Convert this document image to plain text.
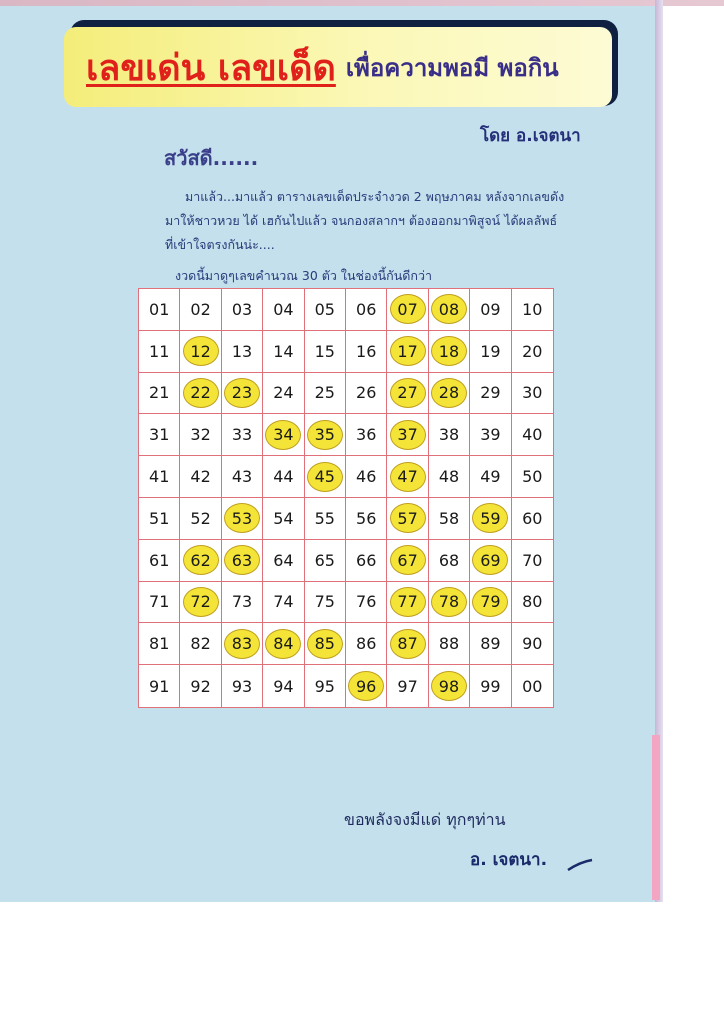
เลขเด่น เลขเด็ด เพื่อความพอมี พอกิน
โดย อ.เจตนา
สวัสดี......
มาแล้ว...มาแล้ว ตารางเลขเด็ดประจำงวด 2 พฤษภาคม หลังจากเลขดัง
มาให้ชาวหวย ได้ เฮกันไปแล้ว จนกองสลากฯ ต้องออกมาพิสูจน์ ได้ผลลัพธ์
ที่เข้าใจตรงกันน่ะ....
งวดนี้มาดูๆเลขคำนวณ 30 ตัว ในช่องนี้กันดีกว่า
01 02 03 04 05 06	07	08	09 10
11	12	13 14 15 16	17	18	19 20
21	22	23	24 25 26	27	28	29 30
31 32 33	34	35	36	37	38 39 40
41 42 43 44	45	46	47	48 49 50
51 52	53	54 55 56	57	58	59	60
61	62	63	64 65 66	67	68	69	70
71	72	73 74 75 76	77	78	79	80
81 82	83	84	85	86	87	88 89 90
91 92 93 94 95	96	97	98	99 00
ขอพลังจงมีแด่ ทุกๆท่าน
อ. เจตนา.
